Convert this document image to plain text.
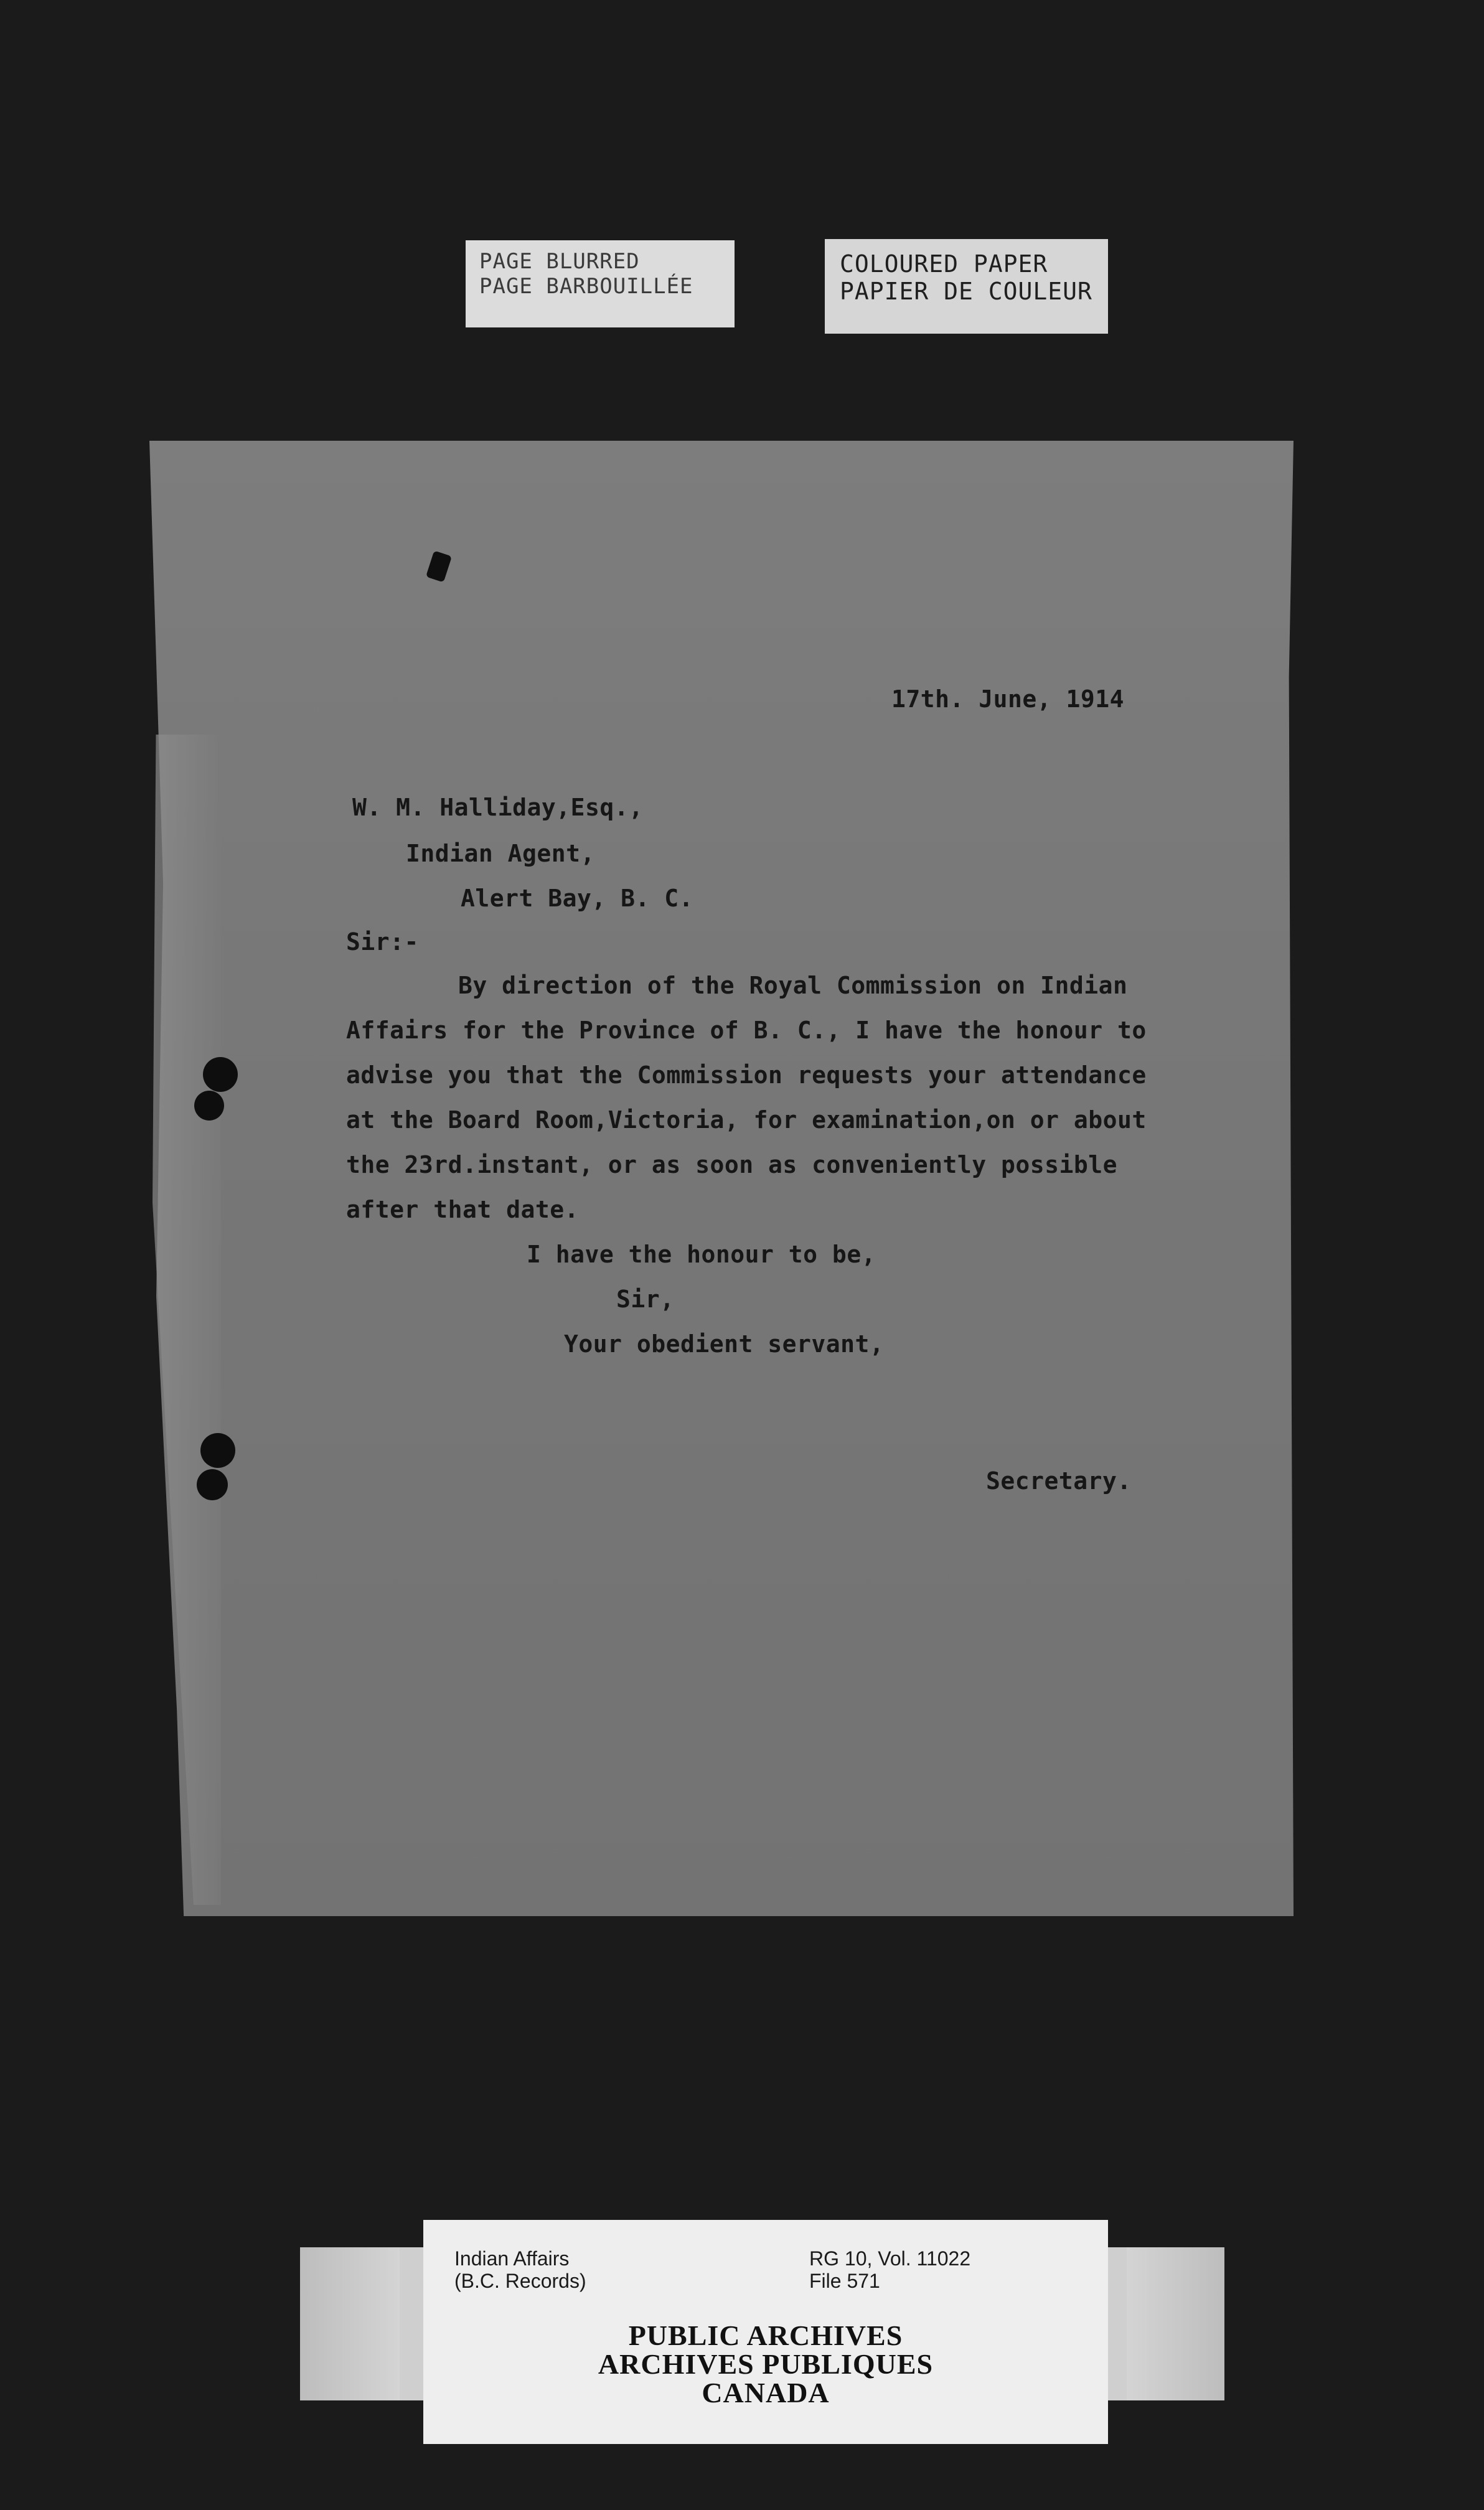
PAGE BLURRED
PAGE BARBOUILLÉE
COLOURED PAPER
PAPIER DE COULEUR
17th. June, 1914
W. M. Halliday,Esq.,
Indian Agent,
Alert Bay, B. C.
Sir:-
By direction of the Royal Commission on Indian
Affairs for the Province of B. C., I have the honour to
advise you that the Commission requests your attendance
at the Board Room,Victoria, for examination,on or about
the 23rd.instant, or as soon as conveniently possible
after that date.
I have the honour to be,
Sir,
Your obedient servant,
Secretary.
Indian Affairs
(B.C. Records)
RG 10, Vol. 11022
File 571
PUBLIC ARCHIVES
ARCHIVES PUBLIQUES
CANADA
